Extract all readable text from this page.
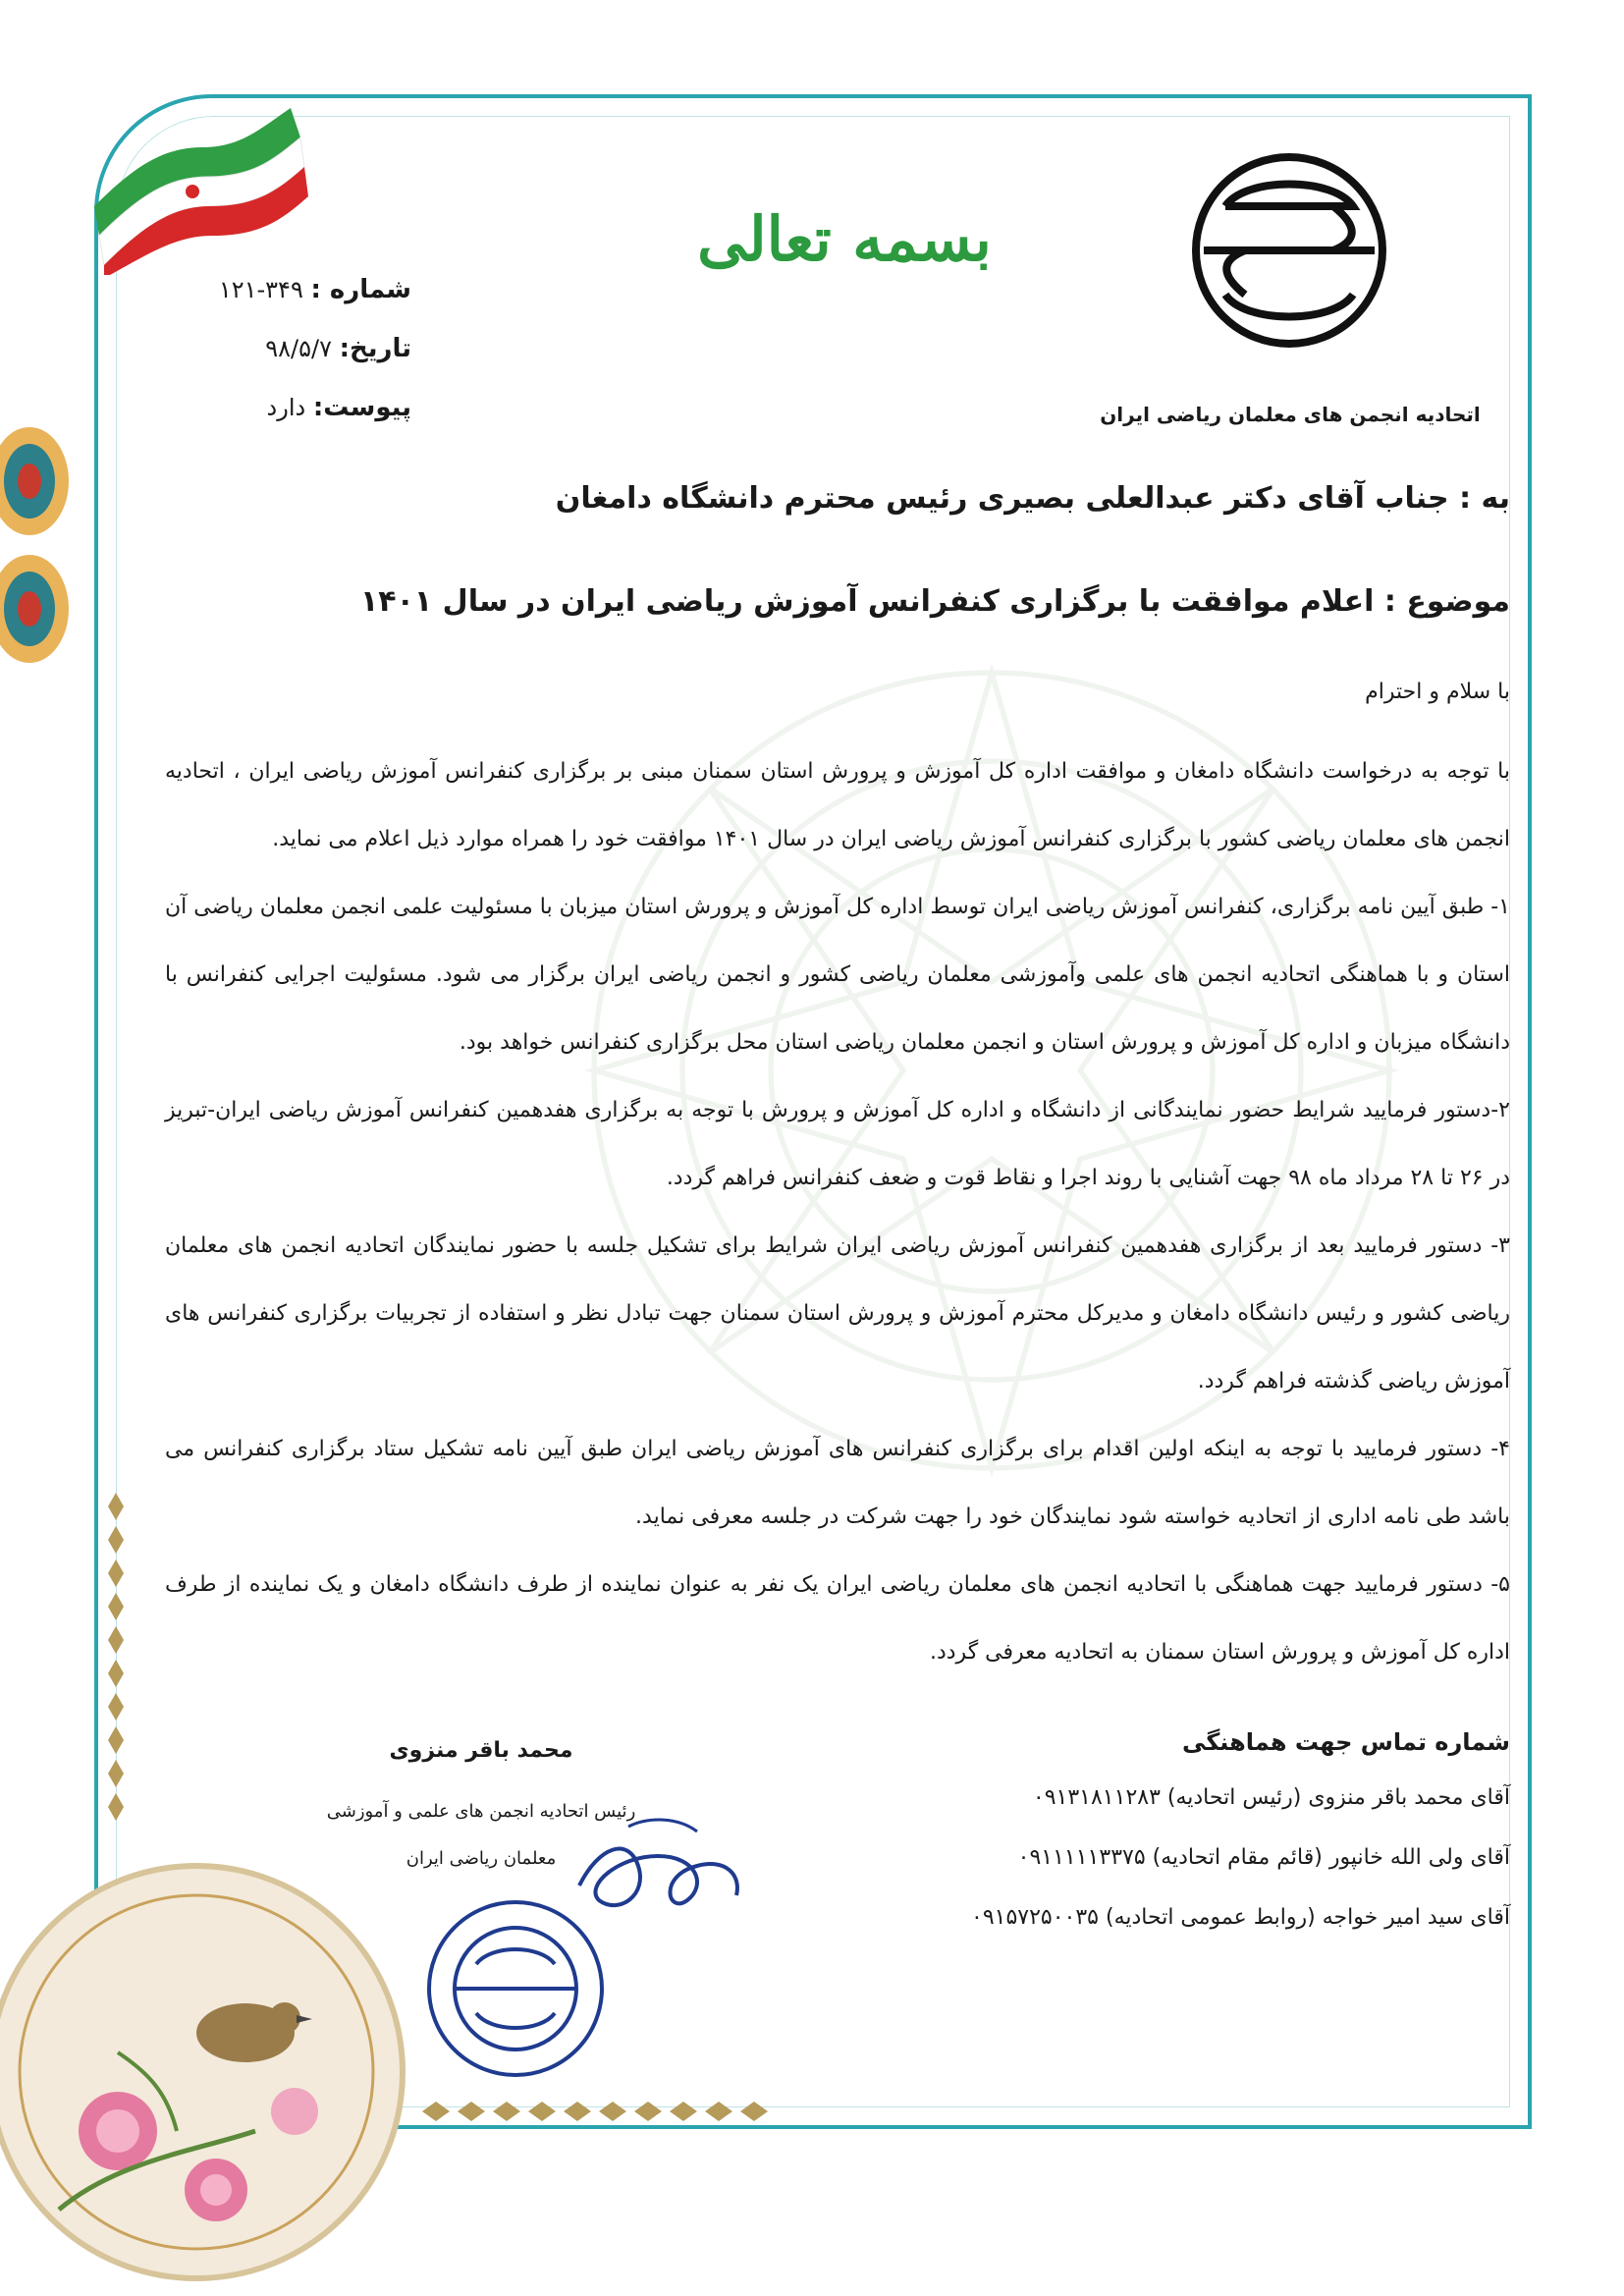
بسمه تعالی
اتحادیه انجمن های معلمان ریاضی ایران
شماره : ۳۴۹-۱۲۱
تاریخ: ۹۸/۵/۷
پیوست: دارد
به : جناب آقای دکتر عبدالعلی بصیری رئیس محترم دانشگاه دامغان
موضوع : اعلام موافقت با برگزاری کنفرانس آموزش ریاضی ایران در سال ۱۴۰۱
با سلام و احترام

با توجه به درخواست دانشگاه دامغان و موافقت اداره کل آموزش و پرورش استان سمنان مبنی بر برگزاری کنفرانس آموزش ریاضی ایران ، اتحادیه انجمن های معلمان ریاضی کشور با برگزاری کنفرانس آموزش ریاضی ایران در سال ۱۴۰۱ موافقت خود را همراه موارد ذیل اعلام می نماید.

۱- طبق آیین نامه برگزاری، کنفرانس آموزش ریاضی ایران توسط اداره کل آموزش و پرورش استان میزبان با مسئولیت علمی انجمن معلمان ریاضی آن استان و با هماهنگی اتحادیه انجمن های علمی وآموزشی معلمان ریاضی کشور و انجمن ریاضی ایران برگزار می شود. مسئولیت اجرایی کنفرانس با دانشگاه میزبان و اداره کل آموزش و پرورش استان و انجمن معلمان ریاضی استان محل برگزاری کنفرانس خواهد بود.

۲-دستور فرمایید شرایط حضور نمایندگانی از دانشگاه و اداره کل آموزش و پرورش با توجه به برگزاری هفدهمین کنفرانس آموزش ریاضی ایران-تبریز در ۲۶ تا ۲۸ مرداد ماه ۹۸ جهت آشنایی با روند اجرا و نقاط قوت و ضعف کنفرانس فراهم گردد.

۳- دستور فرمایید بعد از برگزاری هفدهمین کنفرانس آموزش ریاضی ایران شرایط برای تشکیل جلسه با حضور نمایندگان اتحادیه انجمن های معلمان ریاضی کشور و رئیس دانشگاه دامغان و مدیرکل محترم آموزش و پرورش استان سمنان جهت تبادل نظر و استفاده از تجربیات برگزاری کنفرانس های آموزش ریاضی گذشته فراهم گردد.

۴- دستور فرمایید با توجه به اینکه اولین اقدام برای برگزاری کنفرانس های آموزش ریاضی ایران طبق آیین نامه تشکیل ستاد برگزاری کنفرانس می باشد طی نامه اداری از اتحادیه خواسته شود نمایندگان خود را جهت شرکت در جلسه معرفی نماید.

۵- دستور فرمایید جهت هماهنگی با اتحادیه انجمن های معلمان ریاضی ایران یک نفر به عنوان نماینده از طرف دانشگاه دامغان و یک نماینده از طرف اداره کل آموزش و پرورش استان سمنان به اتحادیه معرفی گردد.

شماره تماس جهت هماهنگی
آقای محمد باقر منزوی (رئیس اتحادیه) ۰۹۱۳۱۸۱۱۲۸۳
آقای ولی الله خانپور (قائم مقام اتحادیه) ۰۹۱۱۱۱۱۳۳۷۵
آقای سید امیر خواجه (روابط عمومی اتحادیه) ۰۹۱۵۷۲۵۰۰۳۵
محمد باقر منزوی
رئیس اتحادیه انجمن های علمی و آموزشی
معلمان ریاضی ایران
